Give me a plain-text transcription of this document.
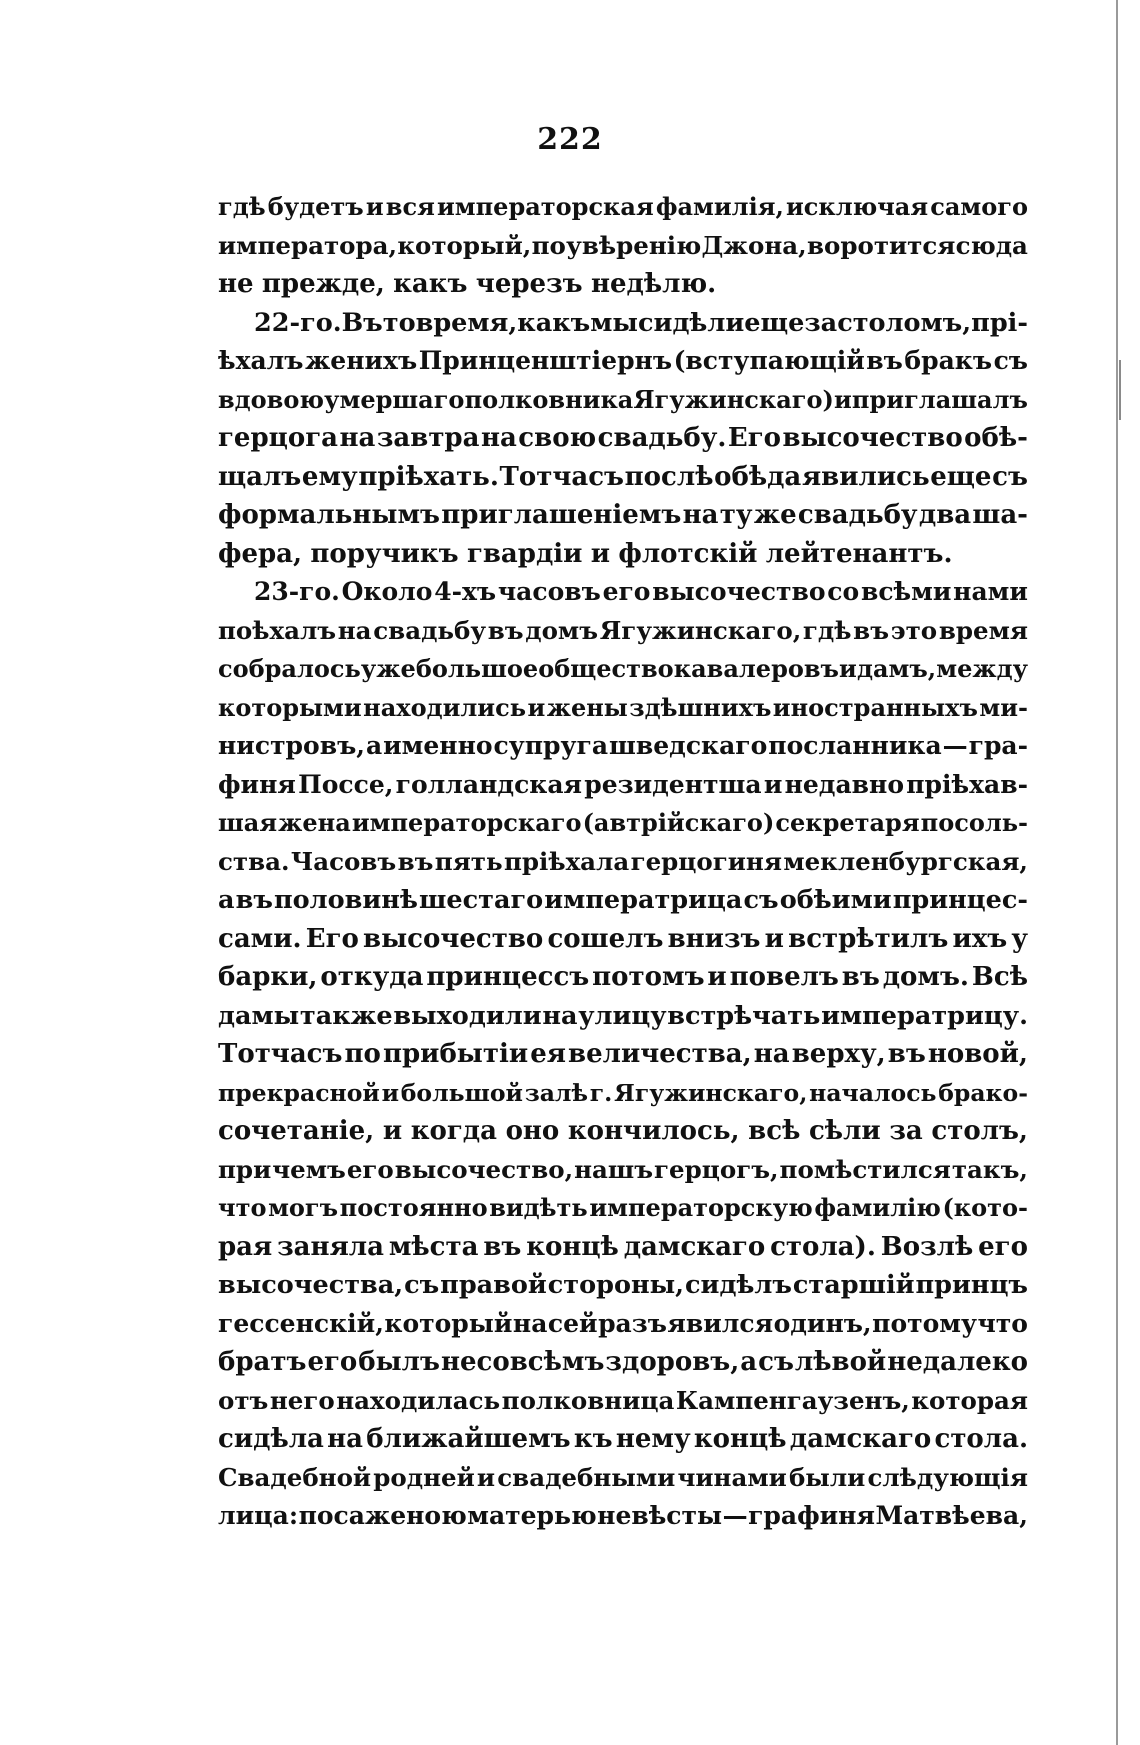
222
гдѣ будетъ и вся императорская фамилія, исключая самого
императора, который, по увѣренію Джона, воротится сюда
не прежде, какъ черезъ недѣлю.
22-го. Въ то время, какъ мы сидѣли еще за столомъ, прі-
ѣхалъ женихъ Принценштіернъ (вступающій въ бракъ съ
вдовою умершаго полковника Ягужинскаго) и приглашалъ
герцога на завтра на свою свадьбу. Его высочество обѣ-
щалъ ему пріѣхать. Тотчасъ послѣ обѣда явились еще съ
формальнымъ приглашеніемъ на ту же свадьбу два ша-
фера, поручикъ гвардіи и флотскій лейтенантъ.
23-го. Около 4-хъ часовъ его высочество со всѣми нами
поѣхалъ на свадьбу въ домъ Ягужинскаго, гдѣ въ это время
собралось уже большое общество кавалеровъ и дамъ, между
которыми находились и жены здѣшнихъ иностранныхъ ми-
нистровъ, а именно супруга шведскаго посланника — гра-
финя Поссе, голландская резидентша и недавно пріѣхав-
шая жена императорскаго (автрійскаго) секретаря посоль-
ства. Часовъ въ пять пріѣхала герцогиня мекленбургская,
а въ половинѣ шестаго императрица съ обѣими принцес-
сами. Его высочество сошелъ внизъ и встрѣтилъ ихъ у
барки, откуда принцессъ потомъ и повелъ въ домъ. Всѣ
дамы также выходили на улицу встрѣчать императрицу.
Тотчасъ по прибытіи ея величества, на верху, въ новой,
прекрасной и большой залѣ г. Ягужинскаго, началось брако-
сочетаніе, и когда оно кончилось, всѣ сѣли за столъ,
при чемъ его высочество, нашъ герцогъ, помѣстился такъ,
что могъ постоянно видѣть императорскую фамилію (кото-
рая заняла мѣста въ концѣ дамскаго стола). Возлѣ его
высочества, съ правой стороны, сидѣлъ старшій принцъ
гессенскій, который на сей разъ явился одинъ, потому что
братъ его былъ несовсѣмъ здоровъ, а съ лѣвой недалеко
отъ него находилась полковница Кампенгаузенъ, которая
сидѣла на ближайшемъ къ нему концѣ дамскаго стола.
Свадебной родней и свадебными чинами были слѣдующія
лица: посаженою матерью невѣсты — графиня Матвѣева,
